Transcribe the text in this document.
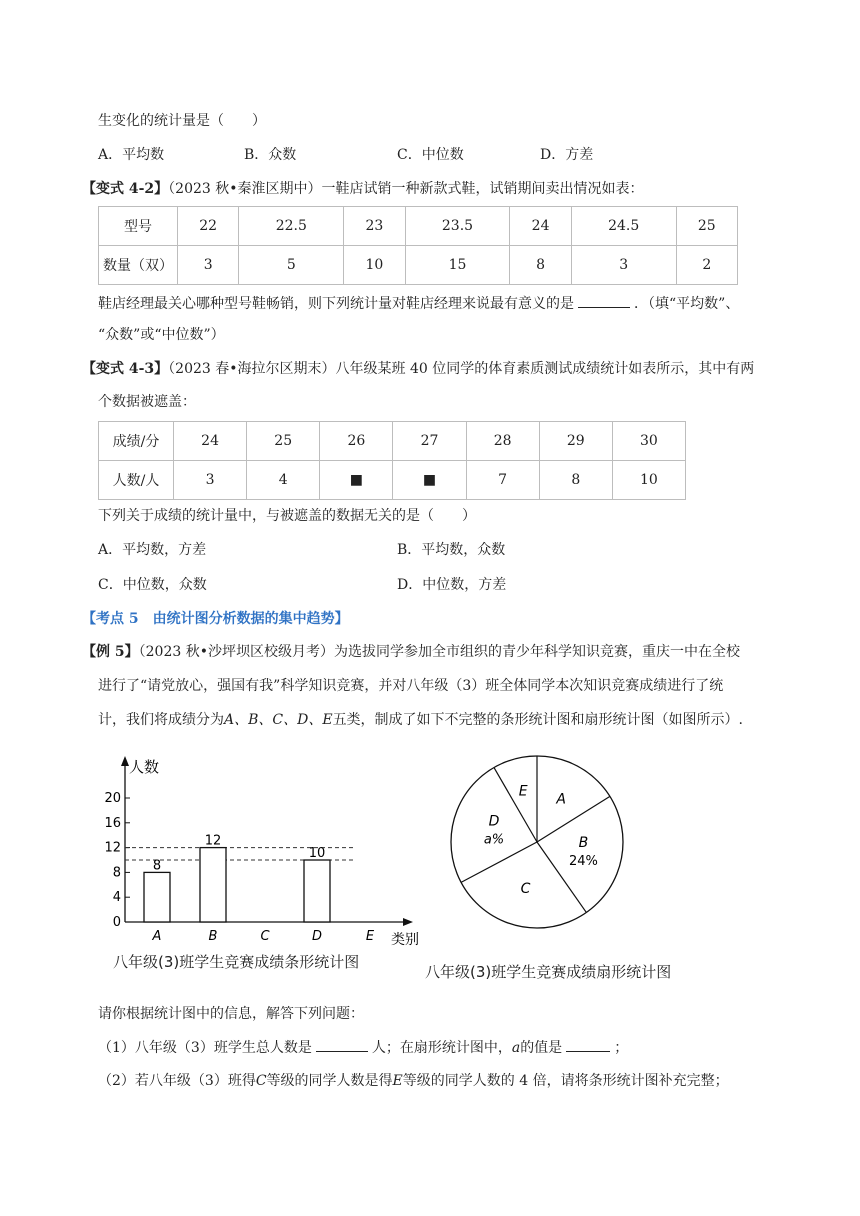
生变化的统计量是（　　）
A．平均数	B．众数	C．中位数	D．方差
【变式 4-2】（2023 秋•秦淮区期中）一鞋店试销一种新款式鞋，试销期间卖出情况如表：
型号	22	22.5	23	23.5	24	24.5	25
数量（双）	3	5	10	15	8	3	2
鞋店经理最关心哪种型号鞋畅销，则下列统计量对鞋店经理来说最有意义的是	．（填“平均数”、
“众数”或“中位数”）
【变式 4-3】（2023 春•海拉尔区期末）八年级某班 40 位同学的体育素质测试成绩统计如表所示，其中有两
个数据被遮盖：
成绩/分	24	25	26	27	28	29	30
人数/人	3	4	■	■	7	8	10
下列关于成绩的统计量中，与被遮盖的数据无关的是（　　）
A．平均数，方差	B．平均数，众数
C．中位数，众数	D．中位数，方差
【考点 5　由统计图分析数据的集中趋势】
【例 5】（2023 秋•沙坪坝区校级月考）为选拔同学参加全市组织的青少年科学知识竞赛，重庆一中在全校
进行了“请党放心，强国有我”科学知识竞赛，并对八年级（3）班全体同学本次知识竞赛成绩进行了统
计，我们将成绩分为A、B、C、D、E五类，制成了如下不完整的条形统计图和扇形统计图（如图所示）.
人数
类别
0
4
8
12
16
20
A
8
B
12
C	D
10
E
八年级(3)班学生竞赛成绩条形统计图
A
B
24%
C
D
a%
E
八年级(3)班学生竞赛成绩扇形统计图
请你根据统计图中的信息，解答下列问题：
（1）八年级（3）班学生总人数是	人；在扇形统计图中，a的值是	；
（2）若八年级（3）班得C等级的同学人数是得E等级的同学人数的 4 倍，请将条形统计图补充完整；
